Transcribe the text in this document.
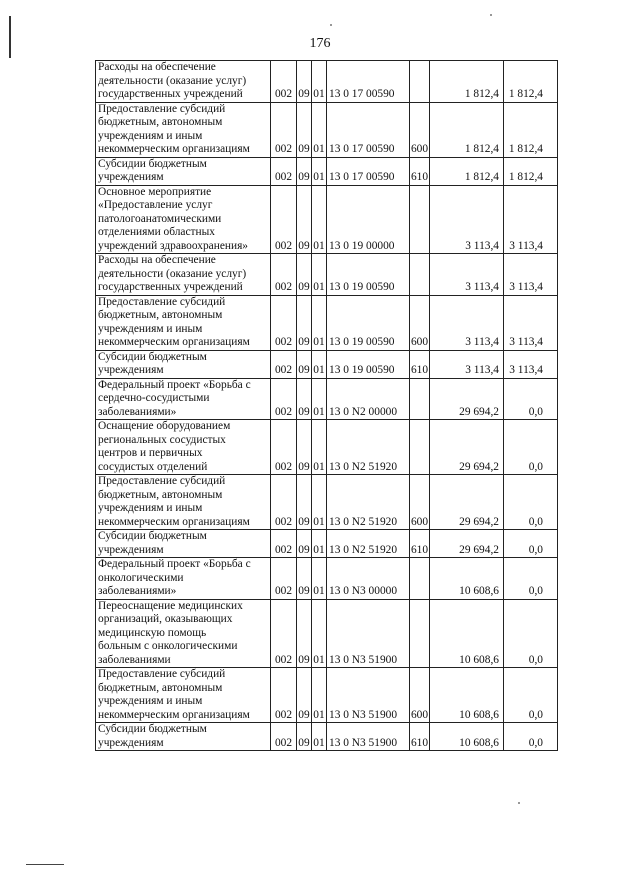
176
Расходы на обеспечение
деятельности (оказание услуг)
государственных учреждений	002	09	01	13 0 17 00590		1 812,4	1 812,4

Предоставление субсидий
бюджетным, автономным
учреждениям и иным
некоммерческим организациям	002	09	01	13 0 17 00590	600	1 812,4	1 812,4

Субсидии бюджетным
учреждениям	002	09	01	13 0 17 00590	610	1 812,4	1 812,4

Основное мероприятие
«Предоставление услуг
патологоанатомическими
отделениями областных
учреждений здравоохранения»	002	09	01	13 0 19 00000		3 113,4	3 113,4

Расходы на обеспечение
деятельности (оказание услуг)
государственных учреждений	002	09	01	13 0 19 00590		3 113,4	3 113,4

Предоставление субсидий
бюджетным, автономным
учреждениям и иным
некоммерческим организациям	002	09	01	13 0 19 00590	600	3 113,4	3 113,4

Субсидии бюджетным
учреждениям	002	09	01	13 0 19 00590	610	3 113,4	3 113,4

Федеральный проект «Борьба с
сердечно-сосудистыми
заболеваниями»	002	09	01	13 0 N2 00000		29 694,2	0,0

Оснащение оборудованием
региональных сосудистых
центров и первичных
сосудистых отделений	002	09	01	13 0 N2 51920		29 694,2	0,0

Предоставление субсидий
бюджетным, автономным
учреждениям и иным
некоммерческим организациям	002	09	01	13 0 N2 51920	600	29 694,2	0,0

Субсидии бюджетным
учреждениям	002	09	01	13 0 N2 51920	610	29 694,2	0,0

Федеральный проект «Борьба с
онкологическими
заболеваниями»	002	09	01	13 0 N3 00000		10 608,6	0,0

Переоснащение медицинских
организаций, оказывающих
медицинскую помощь
больным с онкологическими
заболеваниями	002	09	01	13 0 N3 51900		10 608,6	0,0

Предоставление субсидий
бюджетным, автономным
учреждениям и иным
некоммерческим организациям	002	09	01	13 0 N3 51900	600	10 608,6	0,0

Субсидии бюджетным
учреждениям	002	09	01	13 0 N3 51900	610	10 608,6	0,0
